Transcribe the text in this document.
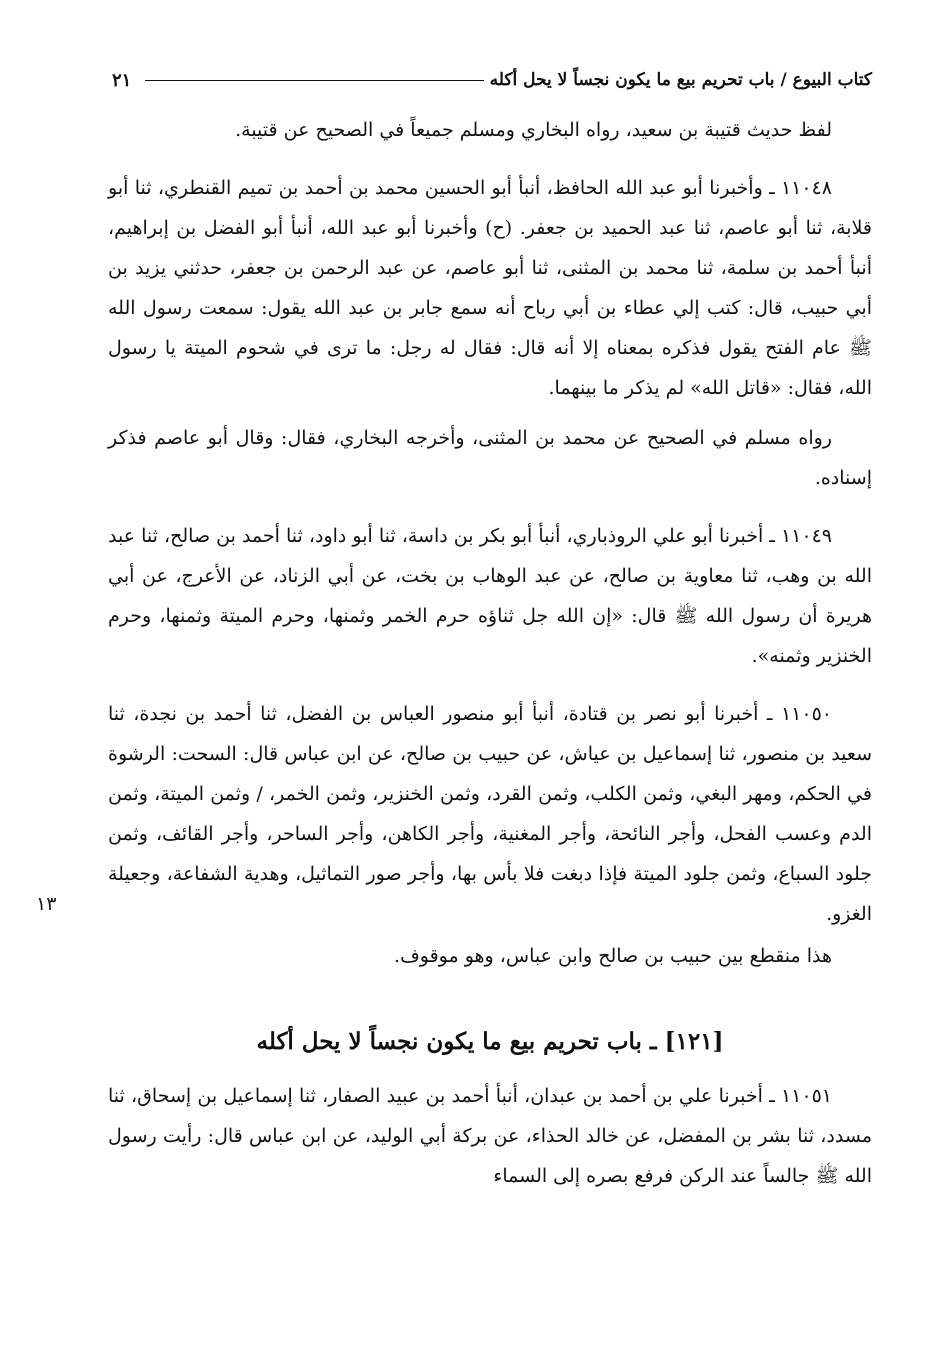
كتاب البيوع / باب تحريم بيع ما يكون نجساً لا يحل أكله
٢١

لفظ حديث قتيبة بن سعيد، رواه البخاري ومسلم جميعاً في الصحيح عن قتيبة.

١١٠٤٨ ـ وأخبرنا أبو عبد الله الحافظ، أنبأ أبو الحسين محمد بن أحمد بن تميم القنطري، ثنا أبو قلابة، ثنا أبو عاصم، ثنا عبد الحميد بن جعفر. (ح) وأخبرنا أبو عبد الله، أنبأ أبو الفضل بن إبراهيم، أنبأ أحمد بن سلمة، ثنا محمد بن المثنى، ثنا أبو عاصم، عن عبد الرحمن بن جعفر، حدثني يزيد بن أبي حبيب، قال: كتب إلي عطاء بن أبي رباح أنه سمع جابر بن عبد الله يقول: سمعت رسول الله ﷺ عام الفتح يقول فذكره بمعناه إلا أنه قال: فقال له رجل: ما ترى في شحوم الميتة يا رسول الله، فقال: «قاتل الله» لم يذكر ما بينهما.

رواه مسلم في الصحيح عن محمد بن المثنى، وأخرجه البخاري، فقال: وقال أبو عاصم فذكر إسناده.

١١٠٤٩ ـ أخبرنا أبو علي الروذباري، أنبأ أبو بكر بن داسة، ثنا أبو داود، ثنا أحمد بن صالح، ثنا عبد الله بن وهب، ثنا معاوية بن صالح، عن عبد الوهاب بن بخت، عن أبي الزناد، عن الأعرج، عن أبي هريرة أن رسول الله ﷺ قال: «إن الله جل ثناؤه حرم الخمر وثمنها، وحرم الميتة وثمنها، وحرم الخنزير وثمنه».

١١٠٥٠ ـ أخبرنا أبو نصر بن قتادة، أنبأ أبو منصور العباس بن الفضل، ثنا أحمد بن نجدة، ثنا سعيد بن منصور، ثنا إسماعيل بن عياش، عن حبيب بن صالح، عن ابن عباس قال: السحت: الرشوة في الحكم، ومهر البغي، وثمن الكلب، وثمن القرد، وثمن الخنزير، وثمن الخمر، / وثمن الميتة، وثمن الدم وعسب الفحل، وأجر النائحة، وأجر المغنية، وأجر الكاهن، وأجر الساحر، وأجر القائف، وثمن جلود السباع، وثمن جلود الميتة فإذا دبغت فلا بأس بها، وأجر صور التماثيل، وهدية الشفاعة، وجعيلة الغزو.

هذا منقطع بين حبيب بن صالح وابن عباس، وهو موقوف.

[١٢١] ـ باب تحريم بيع ما يكون نجساً لا يحل أكله

١١٠٥١ ـ أخبرنا علي بن أحمد بن عبدان، أنبأ أحمد بن عبيد الصفار، ثنا إسماعيل بن إسحاق، ثنا مسدد، ثنا بشر بن المفضل، عن خالد الحذاء، عن بركة أبي الوليد، عن ابن عباس قال: رأيت رسول الله ﷺ جالساً عند الركن فرفع بصره إلى السماء

١٣
